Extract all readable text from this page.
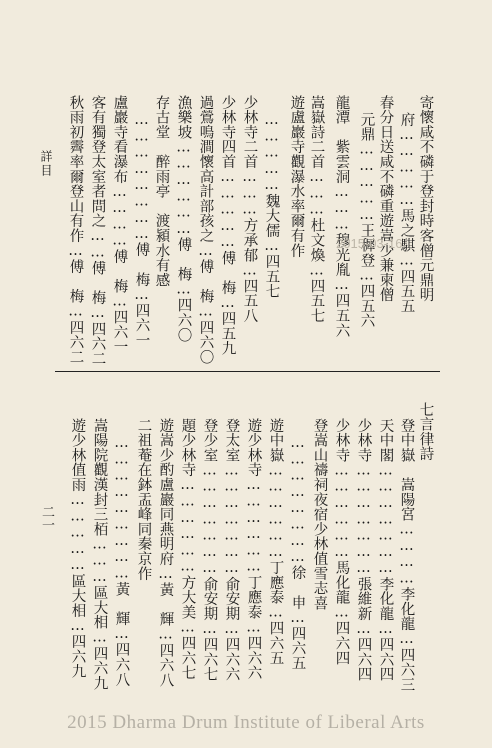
詳目
二一
寄懷咸不磷于登封時客僧元鼎明
府……………馬之騏…四五五
春分日送咸不磷重遊嵩少兼柬僧
元鼎……………王穉登…四五六
龍潭　紫雲洞………穆光胤…四五六
嵩嶽詩二首………杜文煥…四五七
遊盧巖寺觀瀑水率爾有作
……………魏大儒…四五七
少林寺二首………方承郁…四五八
少林寺四首……………傅　梅…四五九
過鶯鳴澗懷高計部孩之…傅　梅…四六〇
漁樂坡………………傅　梅…四六〇
存古堂　醉雨亭　渡潁水有感
……………………傅　梅…四六一
盧巖寺看瀑布…………傅　梅…四六一
客有獨登太室者問之……傅　梅…四六二
秋雨初霽率爾登山有作…傅　梅…四六二
七言律詩
登中嶽　嵩陽宮…………李化龍…四六三
天中閣…………………李化龍…四六四
少林寺…………………張維新…四六四
少林寺………………馬化龍…四六四
登嵩山禱祠夜宿少林值雪志喜
……………………徐　申…四六五
遊中嶽………………丁應泰…四六五
遊少林寺………………丁應泰…四六六
登太室…………………俞安期…四六六
登少室…………………俞安期…四六七
題少林寺………………方大美…四六七
遊嵩少酌盧巖同燕明府…黃　輝…四六八
二祖菴在鉢盂峰同秦京作
………………………黃　輝…四六八
嵩陽院觀漢封三栢………區大相…四六九
遊少林值雨……………區大相…四六九
2015-03-16
2015 Dharma Drum Institute of Liberal Arts
